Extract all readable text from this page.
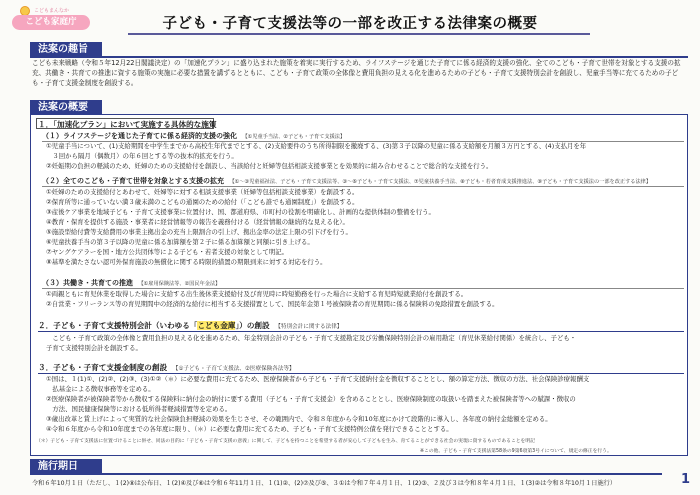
こどもまんなか
こども家庭庁	子ども・子育て支援法等の一部を改正する法律案の概要
法案の趣旨
こども未来戦略（令和５年12月22日閣議決定）の「加速化プラン」に盛り込まれた施策を着実に実行するため、ライフステージを通じた子育てに係る経済的支援の強化、全てのこども・子育て世帯を対象とする支援の拡充、共働き・共育ての推進に資する施策の実施に必要な措置を講ずるとともに、こども・子育て政策の全体像と費用負担の見える化を進めるための子ども・子育て支援特別会計を創設し、児童手当等に充てるための子ども・子育て支援金制度を創設する。
法案の概要
１．「加速化プラン」において実施する具体的な施策
（１）ライフステージを通じた子育てに係る経済的支援の強化 【①児童手当法、②子ども・子育て支援法】
①児童手当について、(1)支給期間を中学生までから高校生年代までとする、(2)支給要件のうち所得制限を撤廃する、(3)第３子以降の児童に係る支給額を月額３万円とする、(4)支払月を年
　３回から隔月（偶数月）の年６回とする等の抜本的拡充を行う。
②妊娠期の負担の軽減のため、妊婦のための支援給付を創設し、当該給付と妊婦等包括相談支援事業とを効果的に組み合わせることで総合的な支援を行う。
（２）全てのこども・子育て世帯を対象とする支援の拡充 【①～③児童福祉法、子ども・子育て支援法等、③～⑥子ども・子育て支援法、⑦児童扶養手当法、⑧子ども・若者育成支援推進法、⑨子ども・子育て支援法の一部を改正する法律】
①妊婦のための支援給付とあわせて、妊婦等に対する相談支援事業（妊婦等包括相談支援事業）を創設する。
②保育所等に通っていない満３歳未満のこどもの通園のための給付（「こども誰でも通園制度」）を創設する。
③産後ケア事業を地域子ども・子育て支援事業に位置付け、国、都道府県、市町村の役割を明確化し、計画的な提供体制の整備を行う。
④教育・保育を提供する施設・事業者に経営情報等の報告を義務付ける（経営情報の継続的な見える化）。
⑤施設型給付費等支給費用の事業主拠出金の充当上限割合の引上げ、拠出金率の法定上限の引下げを行う。
⑥児童扶養手当の第３子以降の児童に係る加算額を第２子に係る加算額と同額に引き上げる。
⑦ヤングケアラーを国・地方公共団体等による子ども・若者支援の対象として明記。
⑧基準を満たさない認可外保育施設の無償化に関する時限的措置の期限到来に対する対応を行う。
（３）共働き・共育ての推進 【①雇用保険法等、②国民年金法】
①両親ともに育児休業を取得した場合に支給する出生後休業支援給付及び育児時に時短勤務を行った場合に支給する育児時短就業給付を創設する。
②自営業・フリーランス等の育児期間中の経済的な給付に相当する支援措置として、国民年金第１号被保険者の育児期間に係る保険料の免除措置を創設する。
２．子ども・子育て支援特別会計（いわゆる「こども金庫」）の創設 【特別会計に関する法律】
　こども・子育て政策の全体像と費用負担の見える化を進めるため、年金特別会計の子ども・子育て支援勘定及び労働保険特別会計の雇用勘定（育児休業給付関係）を統合し、子ども・
子育て支援特別会計を創設する。
３．子ども・子育て支援金制度の創設 【①子ども・子育て支援法、②医療保険各法等】
①国は、１(1)①、(2)②、(2)③、(3)①②（＊）に必要な費用に充てるため、医療保険者から子ども・子育て支援納付金を徴収することとし、額の算定方法、徴収の方法、社会保険診療報酬支
　払基金による徴収事務等を定める。
②医療保険者が被保険者等から徴収する保険料に納付金の納付に要する費用（子ども・子育て支援金）を含めることとし、医療保険制度の取扱いを踏まえた被保険者等への賦課・徴収の
　方法、国民健康保険等における低所得者軽減措置等を定める。
③歳出改革と賃上げによって実質的な社会保険負担軽減の効果を生じさせ、その範囲内で、令和８年度から令和10年度にかけて段階的に導入し、各年度の納付金総額を定める。
④令和６年度から令和10年度までの各年度に限り、（＊）に必要な費用に充てるため、子ども・子育て支援特例公債を発行できることとする。
（＊）子ども・子育て支援法に位置づけることに併せ、同法の目的に「子ども・子育て支援の意義」に関して、子どもを持つことを希望する者が安心して子どもを生み、育てることができる社会の実現に資するものであることを明記
※この他、子ども・子育て支援法第58条の9第6項第3号イについて、規定の修正を行う。
施行期日
令和６年10月１日（ただし、１(2)⑧は公布日、１(2)④及び⑥は令和６年11月１日、１(1)②、(2)⑦及び⑤、３①は令和７年４月１日、１(2)③、２及び３は令和８年４月１日、１(3)②は令和８年10月１日施行）	1
